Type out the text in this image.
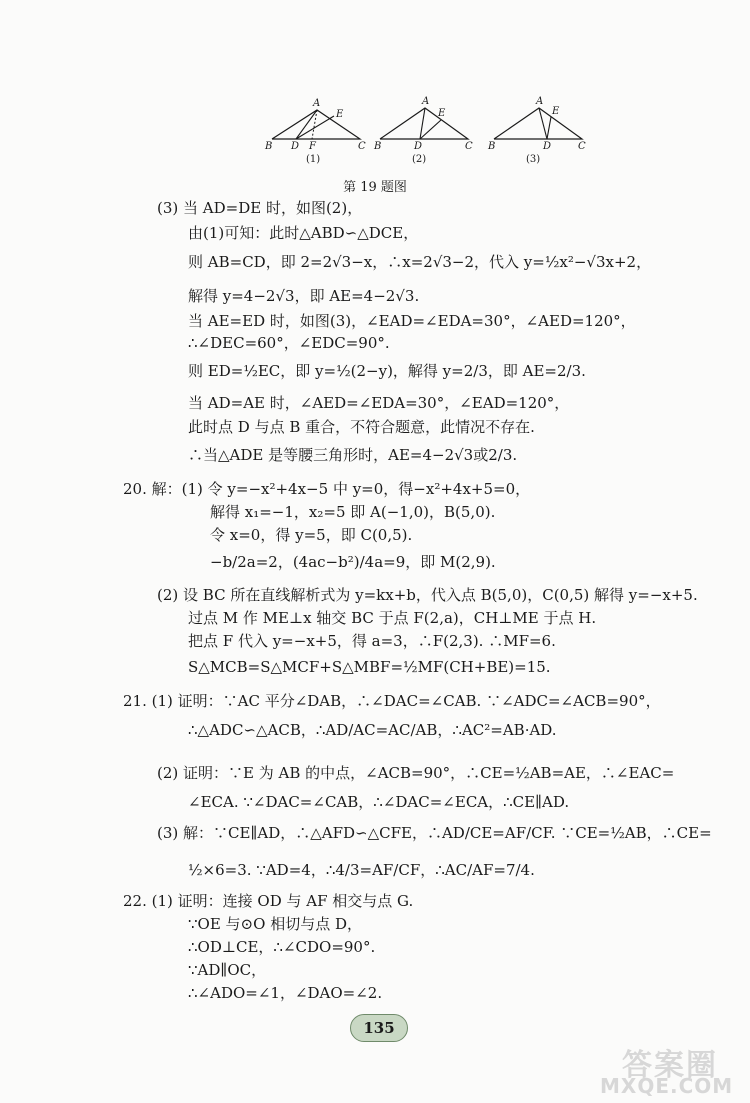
A
E
B D F	C
(1)
A
E
B	D	C
(2)
A
E
B	D	C
(3)
第 19 题图
(3) 当 AD=DE 时，如图(2)，
由(1)可知：此时△ABD∽△DCE，
则 AB=CD，即 2=2√3−x，∴x=2√3−2，代入 y=½x²−√3x+2，
解得 y=4−2√3，即 AE=4−2√3.
当 AE=ED 时，如图(3)，∠EAD=∠EDA=30°，∠AED=120°，
∴∠DEC=60°，∠EDC=90°.
则 ED=½EC，即 y=½(2−y)，解得 y=2/3，即 AE=2/3.
当 AD=AE 时，∠AED=∠EDA=30°，∠EAD=120°，
此时点 D 与点 B 重合，不符合题意，此情况不存在.
∴当△ADE 是等腰三角形时，AE=4−2√3或2/3.
20. 解：(1) 令 y=−x²+4x−5 中 y=0，得−x²+4x+5=0，
解得 x₁=−1，x₂=5 即 A(−1,0)，B(5,0).
令 x=0，得 y=5，即 C(0,5).
−b/2a=2，(4ac−b²)/4a=9，即 M(2,9).
(2) 设 BC 所在直线解析式为 y=kx+b，代入点 B(5,0)，C(0,5) 解得 y=−x+5.
过点 M 作 ME⊥x 轴交 BC 于点 F(2,a)，CH⊥ME 于点 H.
把点 F 代入 y=−x+5，得 a=3，∴F(2,3). ∴MF=6.
S△MCB=S△MCF+S△MBF=½MF(CH+BE)=15.
21. (1) 证明：∵AC 平分∠DAB，∴∠DAC=∠CAB. ∵∠ADC=∠ACB=90°，
∴△ADC∽△ACB，∴AD/AC=AC/AB，∴AC²=AB·AD.
(2) 证明：∵E 为 AB 的中点，∠ACB=90°，∴CE=½AB=AE，∴∠EAC=
∠ECA. ∵∠DAC=∠CAB，∴∠DAC=∠ECA，∴CE∥AD.
(3) 解：∵CE∥AD，∴△AFD∽△CFE，∴AD/CE=AF/CF. ∵CE=½AB，∴CE=
½×6=3. ∵AD=4，∴4/3=AF/CF，∴AC/AF=7/4.
22. (1) 证明：连接 OD 与 AF 相交与点 G.
∵OE 与⊙O 相切与点 D，
∴OD⊥CE，∴∠CDO=90°.
∵AD∥OC，
∴∠ADO=∠1，∠DAO=∠2.
135
答案圈
MXQE.COM
